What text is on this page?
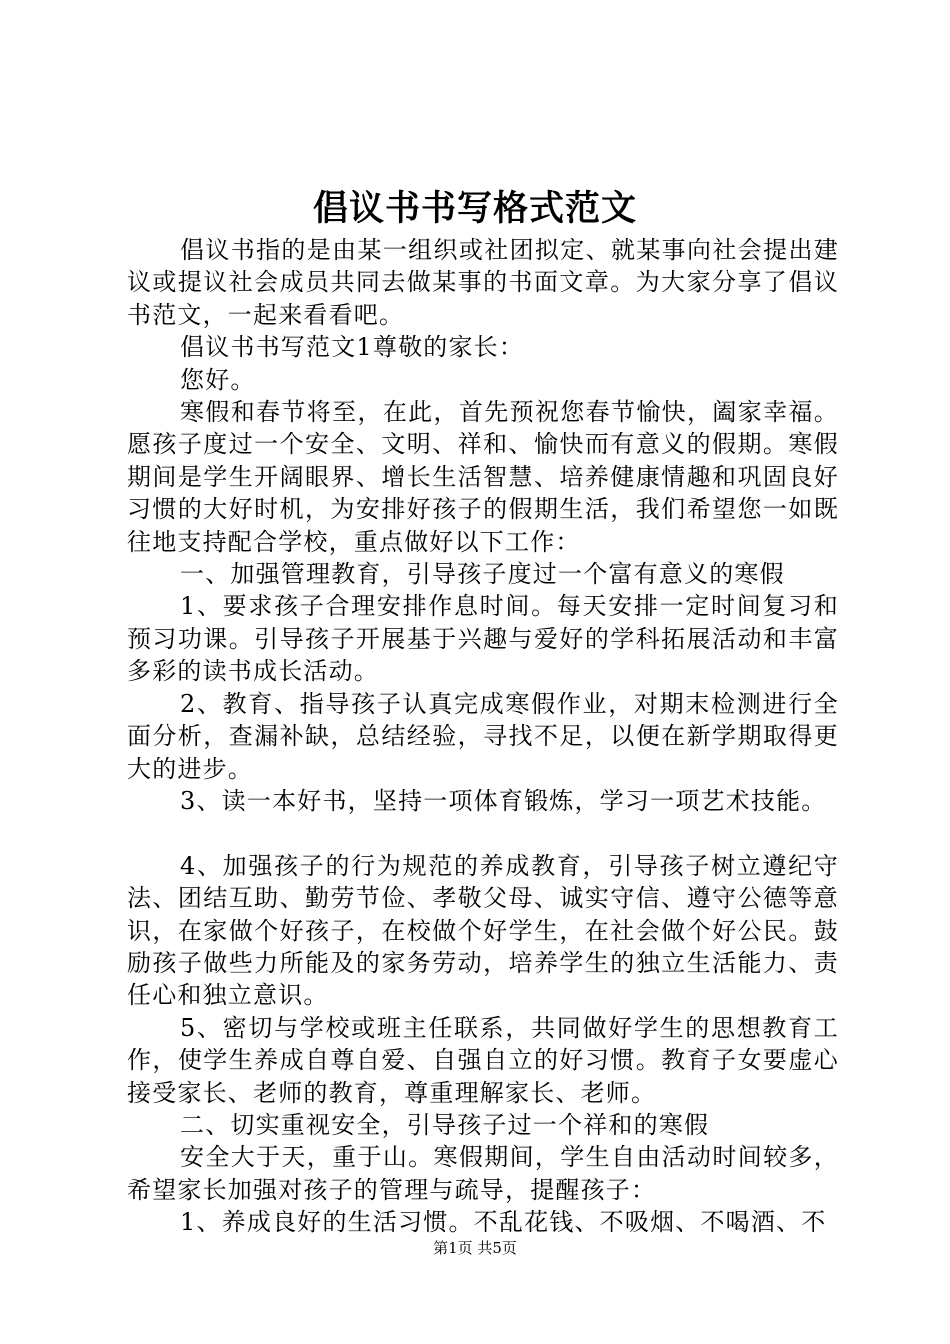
倡议书书写格式范文

倡议书指的是由某一组织或社团拟定、就某事向社会提出建议或提议社会成员共同去做某事的书面文章。为大家分享了倡议书范文，一起来看看吧。

倡议书书写范文1尊敬的家长：

您好。

寒假和春节将至，在此，首先预祝您春节愉快，阖家幸福。愿孩子度过一个安全、文明、祥和、愉快而有意义的假期。寒假期间是学生开阔眼界、增长生活智慧、培养健康情趣和巩固良好习惯的大好时机，为安排好孩子的假期生活，我们希望您一如既往地支持配合学校，重点做好以下工作：

一、加强管理教育，引导孩子度过一个富有意义的寒假

1、要求孩子合理安排作息时间。每天安排一定时间复习和预习功课。引导孩子开展基于兴趣与爱好的学科拓展活动和丰富多彩的读书成长活动。

2、教育、指导孩子认真完成寒假作业，对期末检测进行全面分析，查漏补缺，总结经验，寻找不足，以便在新学期取得更大的进步。

3、读一本好书，坚持一项体育锻炼，学习一项艺术技能。

4、加强孩子的行为规范的养成教育，引导孩子树立遵纪守法、团结互助、勤劳节俭、孝敬父母、诚实守信、遵守公德等意识，在家做个好孩子，在校做个好学生，在社会做个好公民。鼓励孩子做些力所能及的家务劳动，培养学生的独立生活能力、责任心和独立意识。

5、密切与学校或班主任联系，共同做好学生的思想教育工作，使学生养成自尊自爱、自强自立的好习惯。教育子女要虚心接受家长、老师的教育，尊重理解家长、老师。

二、切实重视安全，引导孩子过一个祥和的寒假

安全大于天，重于山。寒假期间，学生自由活动时间较多，希望家长加强对孩子的管理与疏导，提醒孩子：

1、养成良好的生活习惯。不乱花钱、不吸烟、不喝酒、不

第1页 共5页
